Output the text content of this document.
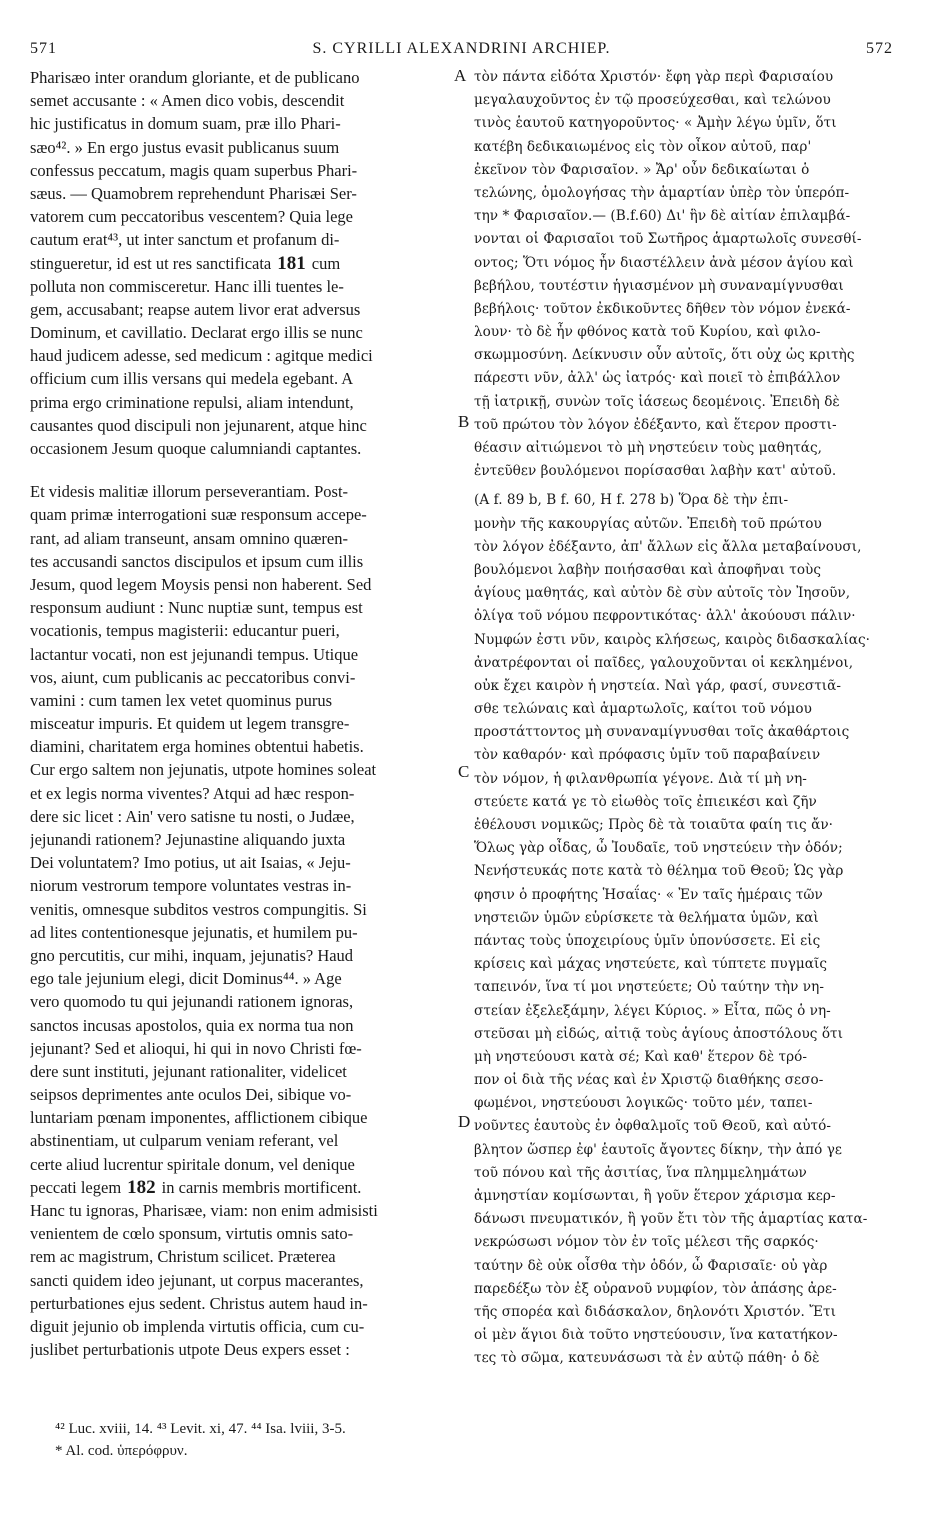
571	S. CYRILLI ALEXANDRINI ARCHIEP.	572
Pharisæo inter orandum gloriante, et de publicano
semet accusante : « Amen dico vobis, descendit
hic justificatus in domum suam, præ illo Phari-
sæo⁴². » En ergo justus evasit publicanus suum
confessus peccatum, magis quam superbus Phari-
sæus. — Quamobrem reprehendunt Pharisæi Ser-
vatorem cum peccatoribus vescentem? Quia lege
cautum erat⁴³, ut inter sanctum et profanum di-
stingueretur, id est ut res sanctificata 181 cum
polluta non commisceretur. Hanc illi tuentes le-
gem, accusabant; reapse autem livor erat adversus
Dominum, et cavillatio. Declarat ergo illis se nunc
haud judicem adesse, sed medicum : agitque medici
officium cum illis versans qui medela egebant. A
prima ergo criminatione repulsi, aliam intendunt,
causantes quod discipuli non jejunarent, atque hinc
occasionem Jesum quoque calumniandi captantes.
Et videsis malitiæ illorum perseverantiam. Post-
quam primæ interrogationi suæ responsum accepe-
rant, ad aliam transeunt, ansam omnino quæren-
tes accusandi sanctos discipulos et ipsum cum illis
Jesum, quod legem Moysis pensi non haberent. Sed
responsum audiunt : Nunc nuptiæ sunt, tempus est
vocationis, tempus magisterii: educantur pueri,
lactantur vocati, non est jejunandi tempus. Utique
vos, aiunt, cum publicanis ac peccatoribus convi-
vamini : cum tamen lex vetet quominus purus
misceatur impuris. Et quidem ut legem transgre-
diamini, charitatem erga homines obtentui habetis.
Cur ergo saltem non jejunatis, utpote homines soleat
et ex legis norma viventes? Atqui ad hæc respon-
dere sic licet : Ain' vero satisne tu nosti, o Judæe,
jejunandi rationem? Jejunastine aliquando juxta
Dei voluntatem? Imo potius, ut ait Isaias, « Jeju-
niorum vestrorum tempore voluntates vestras in-
venitis, omnesque subditos vestros compungitis. Si
ad lites contentionesque jejunatis, et humilem pu-
gno percutitis, cur mihi, inquam, jejunatis? Haud
ego tale jejunium elegi, dicit Dominus⁴⁴. » Age
vero quomodo tu qui jejunandi rationem ignoras,
sanctos incusas apostolos, quia ex norma tua non
jejunant? Sed et alioqui, hi qui in novo Christi fœ-
dere sunt instituti, jejunant rationaliter, videlicet
seipsos deprimentes ante oculos Dei, sibique vo-
luntariam pœnam imponentes, afflictionem cibique
abstinentiam, ut culparum veniam referant, vel
certe aliud lucrentur spiritale donum, vel denique
peccati legem 182 in carnis membris mortificent.
Hanc tu ignoras, Pharisæe, viam: non enim admisisti
venientem de cœlo sponsum, virtutis omnis sato-
rem ac magistrum, Christum scilicet. Præterea
sancti quidem ideo jejunant, ut corpus macerantes,
perturbationes ejus sedent. Christus autem haud in-
diguit jejunio ob implenda virtutis officia, cum cu-
juslibet perturbationis utpote Deus expers esset :
τὸν πάντα εἰδότα Χριστόν· ἔφη γὰρ περὶ Φαρισαίου
μεγαλαυχοῦντος ἐν τῷ προσεύχεσθαι, καὶ τελώνου
τινὸς ἑαυτοῦ κατηγοροῦντος· « Ἀμὴν λέγω ὑμῖν, ὅτι
κατέβη δεδικαιωμένος εἰς τὸν οἶκον αὐτοῦ, παρ'
ἐκεῖνον τὸν Φαρισαῖον. » Ἄρ' οὖν δεδικαίωται ὁ
τελώνης, ὁμολογήσας τὴν ἁμαρτίαν ὑπὲρ τὸν ὑπερόπ-
την * Φαρισαῖον.— (B.f.60) Δι' ἣν δὲ αἰτίαν ἐπιλαμβά-
νονται οἱ Φαρισαῖοι τοῦ Σωτῆρος ἁμαρτωλοῖς συνεσθί-
οντος; Ὅτι νόμος ἦν διαστέλλειν ἀνὰ μέσον ἁγίου καὶ
βεβήλου, τουτέστιν ἡγιασμένον μὴ συναναμίγνυσθαι
βεβήλοις· τοῦτον ἐκδικοῦντες δῆθεν τὸν νόμον ἐνεκά-
λουν· τὸ δὲ ἦν φθόνος κατὰ τοῦ Κυρίου, καὶ φιλο-
σκωμμοσύνη. Δείκνυσιν οὖν αὐτοῖς, ὅτι οὐχ ὡς κριτὴς
πάρεστι νῦν, ἀλλ' ὡς ἰατρός· καὶ ποιεῖ τὸ ἐπιβάλλον
τῇ ἰατρικῇ, συνὼν τοῖς ἰάσεως δεομένοις. Ἐπειδὴ δὲ
τοῦ πρώτου τὸν λόγον ἐδέξαντο, καὶ ἕτερον προστι-
θέασιν αἰτιώμενοι τὸ μὴ νηστεύειν τοὺς μαθητάς,
ἐντεῦθεν βουλόμενοι πορίσασθαι λαβὴν κατ' αὐτοῦ.
(A f. 89 b, B f. 60, H f. 278 b) Ὅρα δὲ τὴν ἐπι-
μονὴν τῆς κακουργίας αὐτῶν. Ἐπειδὴ τοῦ πρώτου
τὸν λόγον ἐδέξαντο, ἀπ' ἄλλων εἰς ἄλλα μεταβαίνουσι,
βουλόμενοι λαβὴν ποιήσασθαι καὶ ἀποφῆναι τοὺς
ἁγίους μαθητάς, καὶ αὐτὸν δὲ σὺν αὐτοῖς τὸν Ἰησοῦν,
ὀλίγα τοῦ νόμου πεφροντικότας· ἀλλ' ἀκούουσι πάλιν·
Νυμφών ἐστι νῦν, καιρὸς κλήσεως, καιρὸς διδασκαλίας·
ἀνατρέφονται οἱ παῖδες, γαλουχοῦνται οἱ κεκλημένοι,
οὐκ ἔχει καιρὸν ἡ νηστεία. Ναὶ γάρ, φασί, συνεστιᾶ-
σθε τελώναις καὶ ἁμαρτωλοῖς, καίτοι τοῦ νόμου
προστάττοντος μὴ συναναμίγνυσθαι τοῖς ἀκαθάρτοις
τὸν καθαρόν· καὶ πρόφασις ὑμῖν τοῦ παραβαίνειν
τὸν νόμον, ἡ φιλανθρωπία γέγονε. Διὰ τί μὴ νη-
στεύετε κατά γε τὸ εἰωθὸς τοῖς ἐπιεικέσι καὶ ζῆν
ἐθέλουσι νομικῶς; Πρὸς δὲ τὰ τοιαῦτα φαίη τις ἄν·
Ὅλως γὰρ οἶδας, ὦ Ἰουδαῖε, τοῦ νηστεύειν τὴν ὁδόν;
Νενήστευκάς ποτε κατὰ τὸ θέλημα τοῦ Θεοῦ; Ὡς γὰρ
φησιν ὁ προφήτης Ἡσαΐας· « Ἐν ταῖς ἡμέραις τῶν
νηστειῶν ὑμῶν εὑρίσκετε τὰ θελήματα ὑμῶν, καὶ
πάντας τοὺς ὑποχειρίους ὑμῖν ὑπονύσσετε. Εἰ εἰς
κρίσεις καὶ μάχας νηστεύετε, καὶ τύπτετε πυγμαῖς
ταπεινόν, ἵνα τί μοι νηστεύετε; Οὐ ταύτην τὴν νη-
στείαν ἐξελεξάμην, λέγει Κύριος. » Εἶτα, πῶς ὁ νη-
στεῦσαι μὴ εἰδώς, αἰτιᾷ τοὺς ἁγίους ἀποστόλους ὅτι
μὴ νηστεύουσι κατὰ σέ; Καὶ καθ' ἕτερον δὲ τρό-
πον οἱ διὰ τῆς νέας καὶ ἐν Χριστῷ διαθήκης σεσο-
φωμένοι, νηστεύουσι λογικῶς· τοῦτο μέν, ταπει-
νοῦντες ἑαυτοὺς ἐν ὀφθαλμοῖς τοῦ Θεοῦ, καὶ αὐτό-
βλητον ὥσπερ ἐφ' ἑαυτοῖς ἄγοντες δίκην, τὴν ἀπό γε
τοῦ πόνου καὶ τῆς ἀσιτίας, ἵνα πλημμελημάτων
ἀμνηστίαν κομίσωνται, ἢ γοῦν ἕτερον χάρισμα κερ-
δάνωσι πνευματικόν, ἢ γοῦν ἔτι τὸν τῆς ἁμαρτίας κατα-
νεκρώσωσι νόμον τὸν ἐν τοῖς μέλεσι τῆς σαρκός·
ταύτην δὲ οὐκ οἶσθα τὴν ὁδόν, ὦ Φαρισαῖε· οὐ γὰρ
παρεδέξω τὸν ἐξ οὐρανοῦ νυμφίον, τὸν ἁπάσης ἀρε-
τῆς σπορέα καὶ διδάσκαλον, δηλονότι Χριστόν. Ἔτι
οἱ μὲν ἅγιοι διὰ τοῦτο νηστεύουσιν, ἵνα κατατήκον-
τες τὸ σῶμα, κατευνάσωσι τὰ ἐν αὐτῷ πάθη· ὁ δὲ
A
B
C
D
⁴² Luc. xviii, 14. ⁴³ Levit. xi, 47. ⁴⁴ Isa. lviii, 3-5.
* Al. cod. ὑπερόφρυν.
